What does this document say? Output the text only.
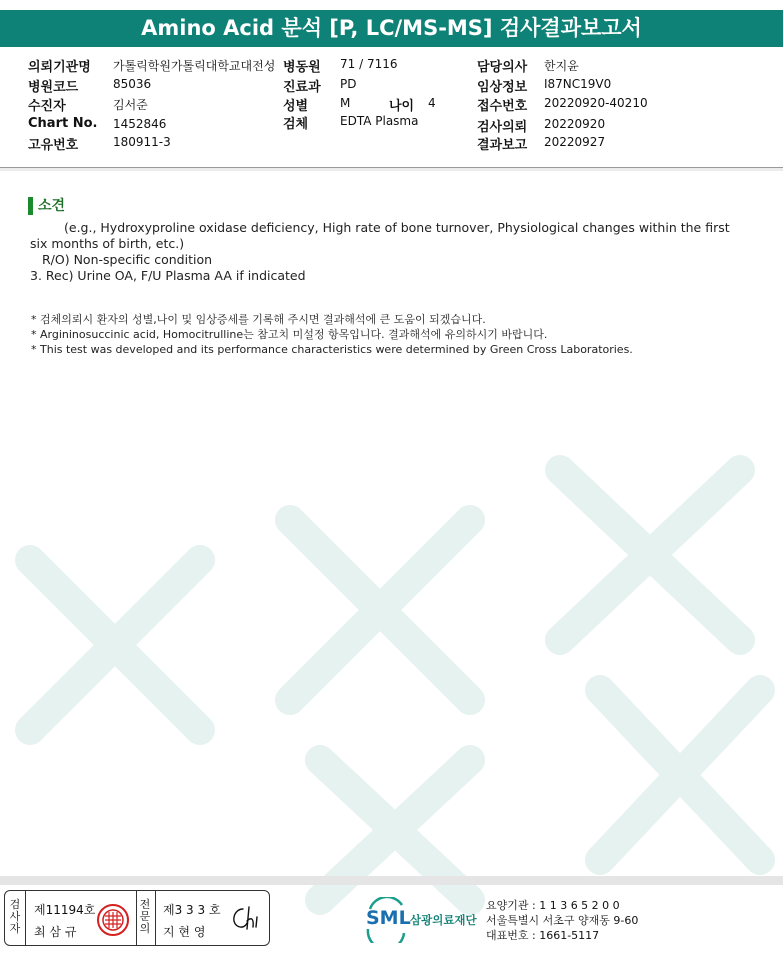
Amino Acid 분석 [P, LC/MS-MS] 검사결과보고서
의뢰기관명 가톨릭학원가톨릭대학교대전성 병동원 71 / 7116	담당의사 한지윤
병원코드	85036	진료과 PD	임상정보 I87NC19V0
수진자	김서준	성별	M	나이 4	접수번호 20220920-40210
Chart No. 1452846	검체	EDTA Plasma	검사의뢰 20220920
고유번호	180911-3	결과보고 20220927
소견

(e.g., Hydroxyproline oxidase deficiency, High rate of bone turnover, Physiological changes within the first six months of birth, etc.)

R/O) Non-specific condition

3. Rec) Urine OA, F/U Plasma AA if indicated

* 검체의뢰시 환자의 성별,나이 및 임상증세를 기록해 주시면 결과해석에 큰 도움이 되겠습니다.

* Argininosuccinic acid, Homocitrulline는 참고치 미설정 항목입니다. 결과해석에 유의하시기 바랍니다.

* This test was developed and its performance characteristics were determined by Green Cross Laboratories.

검사자
제11194호
최 삼 규
전문의
제3 3 3 호
지 현 영
SML 삼광의료재단

요양기관 : 1 1 3 6 5 2 0 0

서울특별시 서초구 양재동 9-60

대표번호 : 1661-5117
